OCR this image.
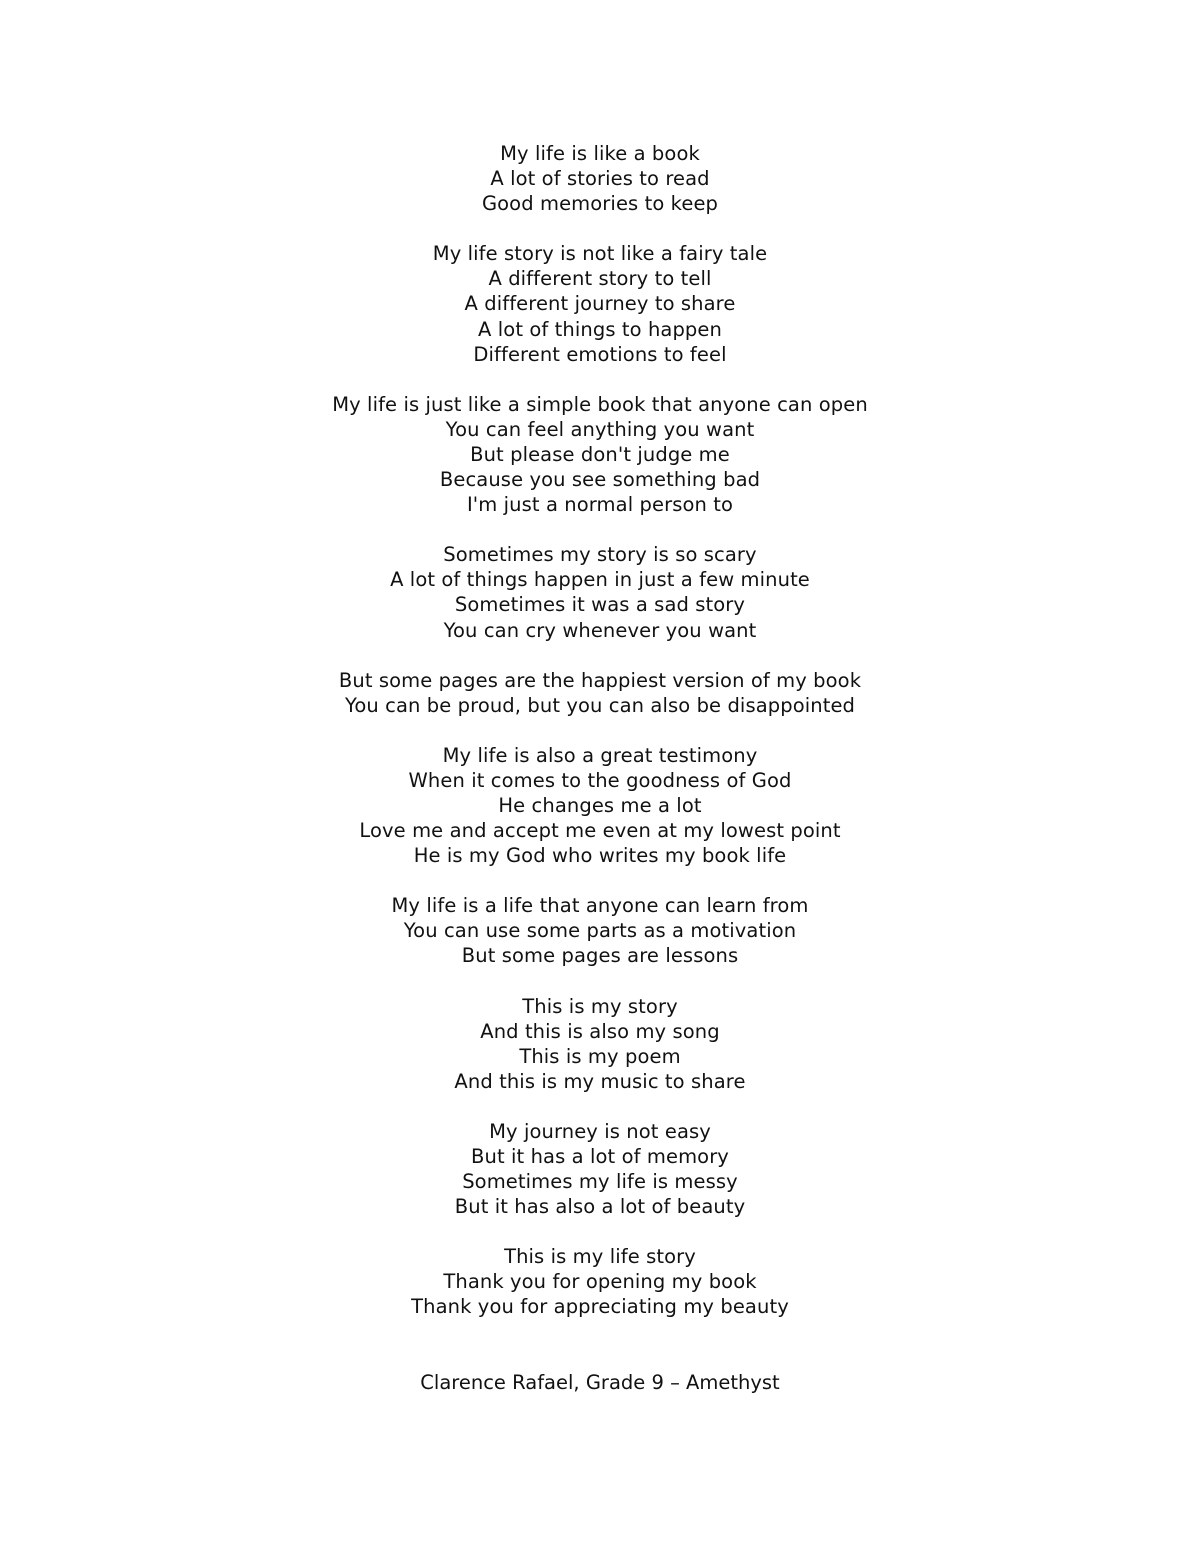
My life is like a book
A lot of stories to read
Good memories to keep
My life story is not like a fairy tale
A different story to tell
A different journey to share
A lot of things to happen
Different emotions to feel
My life is just like a simple book that anyone can open
You can feel anything you want
But please don't judge me
Because you see something bad
I'm just a normal person to
Sometimes my story is so scary
A lot of things happen in just a few minute
Sometimes it was a sad story
You can cry whenever you want
But some pages are the happiest version of my book
You can be proud, but you can also be disappointed
My life is also a great testimony
When it comes to the goodness of God
He changes me a lot
Love me and accept me even at my lowest point
He is my God who writes my book life
My life is a life that anyone can learn from
You can use some parts as a motivation
But some pages are lessons
This is my story
And this is also my song
This is my poem
And this is my music to share
My journey is not easy
But it has a lot of memory
Sometimes my life is messy
But it has also a lot of beauty
This is my life story
Thank you for opening my book
Thank you for appreciating my beauty
Clarence Rafael, Grade 9 – Amethyst
